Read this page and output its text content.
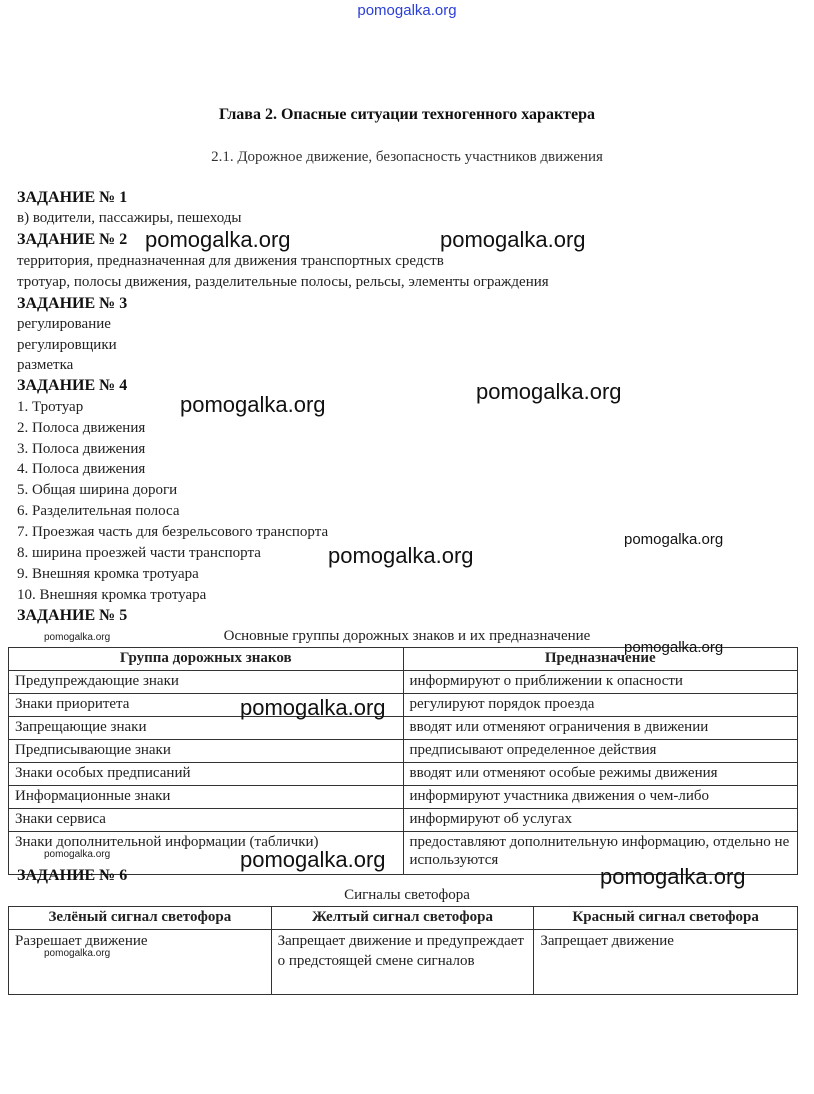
pomogalka.org
Глава 2. Опасные ситуации техногенного характера
2.1. Дорожное движение, безопасность участников движения
ЗАДАНИЕ № 1
в) водители, пассажиры, пешеходы
ЗАДАНИЕ № 2
территория, предназначенная для движения транспортных средств
тротуар, полосы движения, разделительные полосы, рельсы, элементы ограждения
ЗАДАНИЕ № 3
регулирование
регулировщики
разметка
ЗАДАНИЕ № 4
1. Тротуар
2. Полоса движения
3. Полоса движения
4. Полоса движения
5. Общая ширина дороги
6. Разделительная полоса
7. Проезжая часть для безрельсового транспорта
8. ширина проезжей части транспорта
9. Внешняя кромка тротуара
10. Внешняя кромка тротуара
ЗАДАНИЕ № 5
Основные группы дорожных знаков и их предназначение
Группа дорожных знаков	Предназначение
Предупреждающие знаки	информируют о приближении к опасности
Знаки приоритета	регулируют порядок проезда
Запрещающие знаки	вводят или отменяют ограничения в движении
Предписывающие знаки	предписывают определенное действия
Знаки особых предписаний	вводят или отменяют особые режимы движения
Информационные знаки	информируют участника движения о чем-либо
Знаки сервиса	информируют об услугах
Знаки дополнительной информации (таблички)	предоставляют дополнительную информацию, отдельно не используются
ЗАДАНИЕ № 6
Сигналы светофора
Зелёный сигнал светофора	Желтый сигнал светофора	Красный сигнал светофора
Разрешает движение	Запрещает движение и предупреждает о предстоящей смене сигналов	Запрещает движение
pomogalka.org	pomogalka.org
pomogalka.org
pomogalka.org
pomogalka.org
pomogalka.org
pomogalka.org
pomogalka.org
pomogalka.org
pomogalka.org	pomogalka.org
pomogalka.org
pomogalka.org
